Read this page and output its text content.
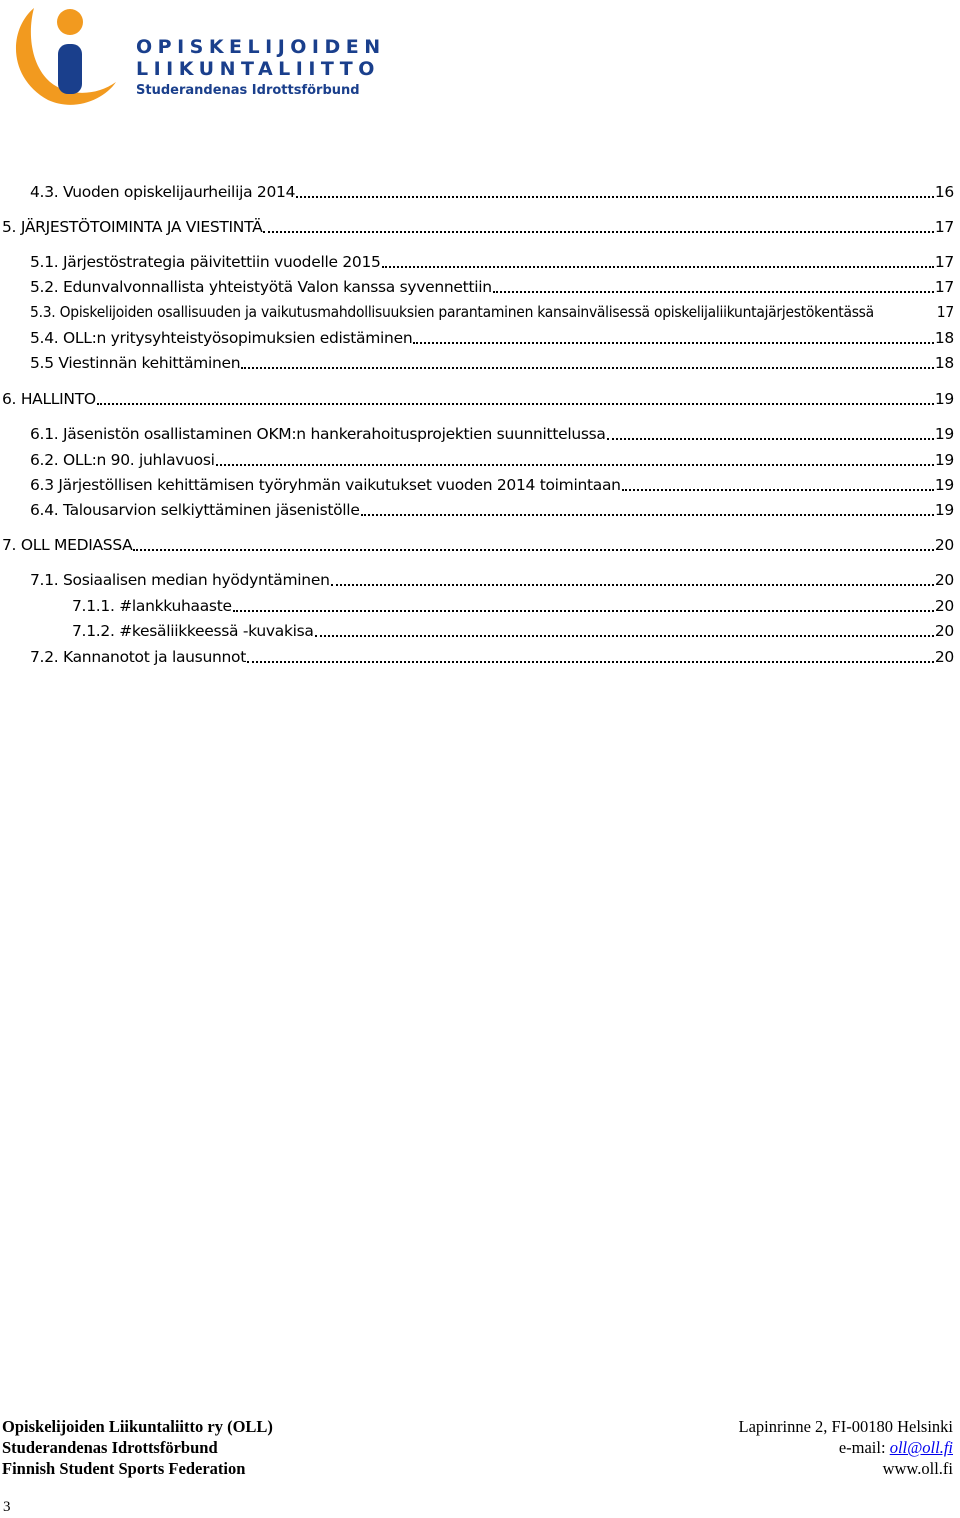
OPISKELIJOIDEN
LIIKUNTALIITTO
Studerandenas Idrottsförbund
4.3. Vuoden opiskelijaurheilija 2014	16
5. JÄRJESTÖTOIMINTA JA VIESTINTÄ	17
5.1. Järjestöstrategia päivitettiin vuodelle 2015	17
5.2. Edunvalvonnallista yhteistyötä Valon kanssa syvennettiin	17
5.3. Opiskelijoiden osallisuuden ja vaikutusmahdollisuuksien parantaminen kansainvälisessä opiskelijaliikuntajärjestökentässä	17
5.4. OLL:n yritysyhteistyösopimuksien edistäminen	18
5.5 Viestinnän kehittäminen	18
6. HALLINTO	19
6.1. Jäsenistön osallistaminen OKM:n hankerahoitusprojektien suunnittelussa	19
6.2. OLL:n 90. juhlavuosi	19
6.3 Järjestöllisen kehittämisen työryhmän vaikutukset vuoden 2014 toimintaan	19
6.4. Talousarvion selkiyttäminen jäsenistölle	19
7. OLL MEDIASSA	20
7.1. Sosiaalisen median hyödyntäminen	20
7.1.1. #lankkuhaaste	20
7.1.2. #kesäliikkeessä -kuvakisa	20
7.2. Kannanotot ja lausunnot	20
Opiskelijoiden Liikuntaliitto ry (OLL)
Studerandenas Idrottsförbund
Finnish Student Sports Federation
Lapinrinne 2, FI-00180 Helsinki
e-mail: oll@oll.fi
www.oll.fi
3
